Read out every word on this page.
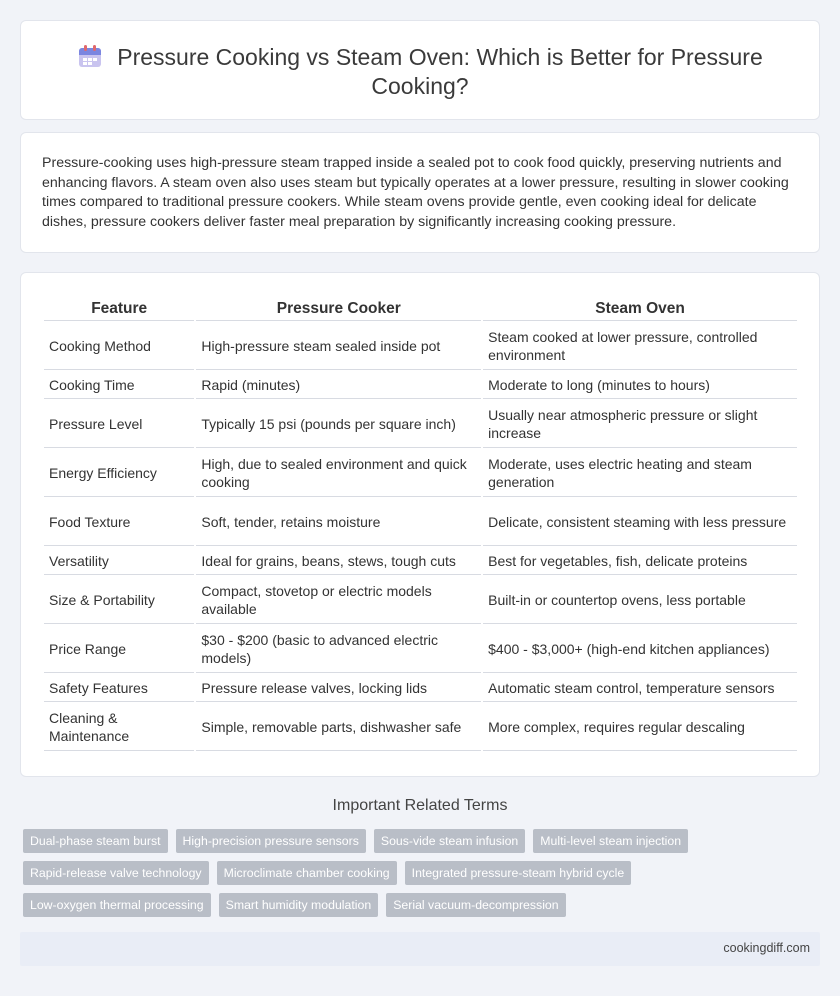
Pressure Cooking vs Steam Oven: Which is Better for Pressure Cooking?

Pressure-cooking uses high-pressure steam trapped inside a sealed pot to cook food quickly, preserving nutrients and enhancing flavors. A steam oven also uses steam but typically operates at a lower pressure, resulting in slower cooking times compared to traditional pressure cookers. While steam ovens provide gentle, even cooking ideal for delicate dishes, pressure cookers deliver faster meal preparation by significantly increasing cooking pressure.

Feature	Pressure Cooker	Steam Oven
Cooking Method	High-pressure steam sealed inside pot	Steam cooked at lower pressure, controlled environment
Cooking Time	Rapid (minutes)	Moderate to long (minutes to hours)
Pressure Level	Typically 15 psi (pounds per square inch)	Usually near atmospheric pressure or slight increase
Energy Efficiency	High, due to sealed environment and quick cooking	Moderate, uses electric heating and steam generation
Food Texture	Soft, tender, retains moisture	Delicate, consistent steaming with less pressure
Versatility	Ideal for grains, beans, stews, tough cuts	Best for vegetables, fish, delicate proteins
Size & Portability	Compact, stovetop or electric models available	Built-in or countertop ovens, less portable
Price Range	$30 - $200 (basic to advanced electric models)	$400 - $3,000+ (high-end kitchen appliances)
Safety Features	Pressure release valves, locking lids	Automatic steam control, temperature sensors
Cleaning & Maintenance	Simple, removable parts, dishwasher safe	More complex, requires regular descaling
Important Related Terms
Dual-phase steam burst	High-precision pressure sensors	Sous-vide steam infusion	Multi-level steam injection
Rapid-release valve technology	Microclimate chamber cooking	Integrated pressure-steam hybrid cycle
Low-oxygen thermal processing	Smart humidity modulation	Serial vacuum-decompression
cookingdiff.com
